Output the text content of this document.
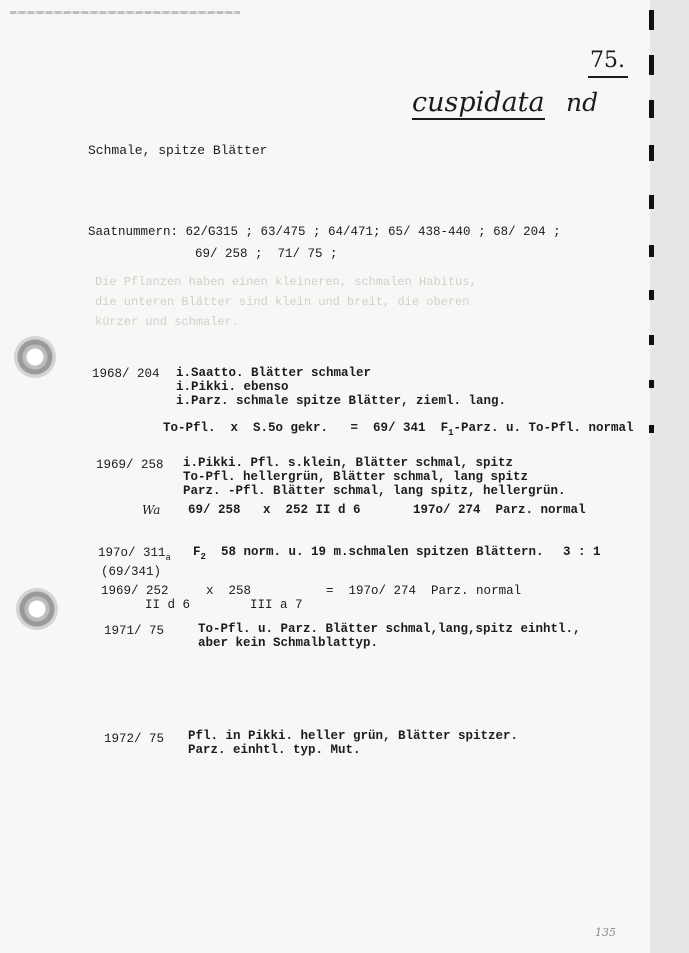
Die Pflanzen haben einen kleineren, schmalen Habitus,
die unteren Blätter sind klein und breit, die oberen
kürzer und schmaler.
75.
cuspidata nd
Schmale, spitze Blätter
Saatnummern: 62/G315 ; 63/475 ; 64/471; 65/ 438-440 ; 68/ 204 ;
69/ 258 ;  71/ 75 ;
1968/ 204 i.Saatto. Blätter schmaler
i.Pikki. ebenso
i.Parz. schmale spitze Blätter, zieml. lang.
To-Pfl.  x  S.5o gekr.   =  69/ 341 $F_1$-Parz. u. To-Pfl. normal
1969/ 258 i.Pikki. Pfl. s.klein, Blätter schmal, spitz
To-Pfl. hellergrün, Blätter schmal, lang spitz
Parz. -Pfl. Blätter schmal, lang spitz, hellergrün.
Wa 69/ 258   x  252 II d 6       197o/ 274  Parz. normal
197o/ $311_a$ $F_2$ 58 norm. u. 19 m.schmalen spitzen Blättern. 3 : 1
(69/341)
1969/ 252     x  258          =  197o/ 274  Parz. normal
II d 6        III a 7
1971/ 75	To-Pfl. u. Parz. Blätter schmal,lang,spitz einhtl.,
aber kein Schmalblattyp.
1972/ 75 Pfl. in Pikki. heller grün, Blätter spitzer.
Parz. einhtl. typ. Mut.
135
